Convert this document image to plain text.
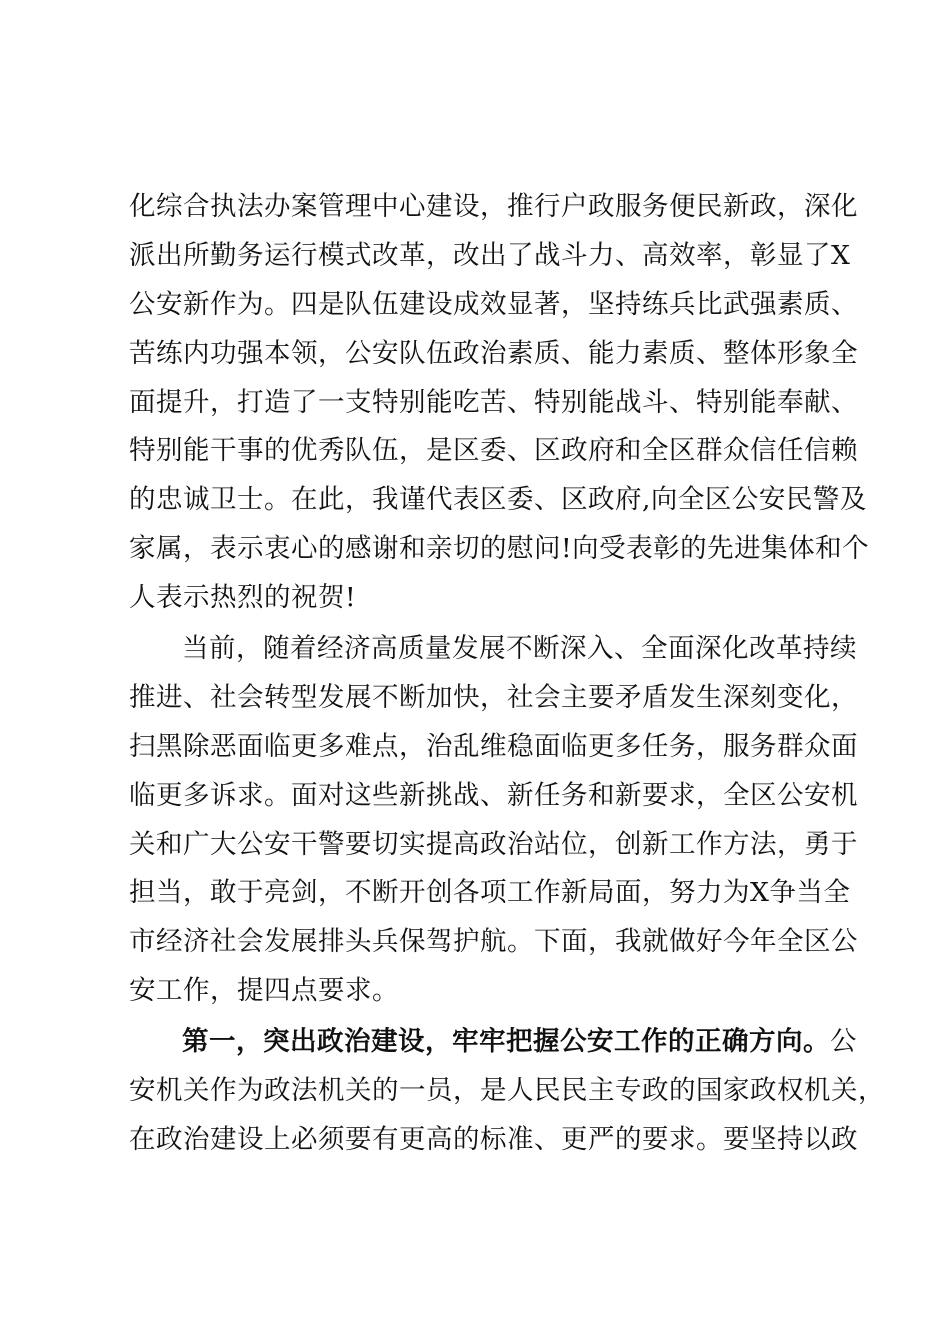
化综合执法办案管理中心建设，推行户政服务便民新政，深化
派出所勤务运行模式改革，改出了战斗力、高效率，彰显了X
公安新作为。四是队伍建设成效显著，坚持练兵比武强素质、
苦练内功强本领，公安队伍政治素质、能力素质、整体形象全
面提升，打造了一支特别能吃苦、特别能战斗、特别能奉献、
特别能干事的优秀队伍，是区委、区政府和全区群众信任信赖
的忠诚卫士。在此，我谨代表区委、区政府,向全区公安民警及
家属，表示衷心的感谢和亲切的慰问!向受表彰的先进集体和个
人表示热烈的祝贺!
当前，随着经济高质量发展不断深入、全面深化改革持续
推进、社会转型发展不断加快，社会主要矛盾发生深刻变化，
扫黑除恶面临更多难点，治乱维稳面临更多任务，服务群众面
临更多诉求。面对这些新挑战、新任务和新要求，全区公安机
关和广大公安干警要切实提高政治站位，创新工作方法，勇于
担当，敢于亮剑，不断开创各项工作新局面，努力为X争当全
市经济社会发展排头兵保驾护航。下面，我就做好今年全区公
安工作，提四点要求。
第一，突出政治建设，牢牢把握公安工作的正确方向。公
安机关作为政法机关的一员，是人民民主专政的国家政权机关，
在政治建设上必须要有更高的标准、更严的要求。要坚持以政
